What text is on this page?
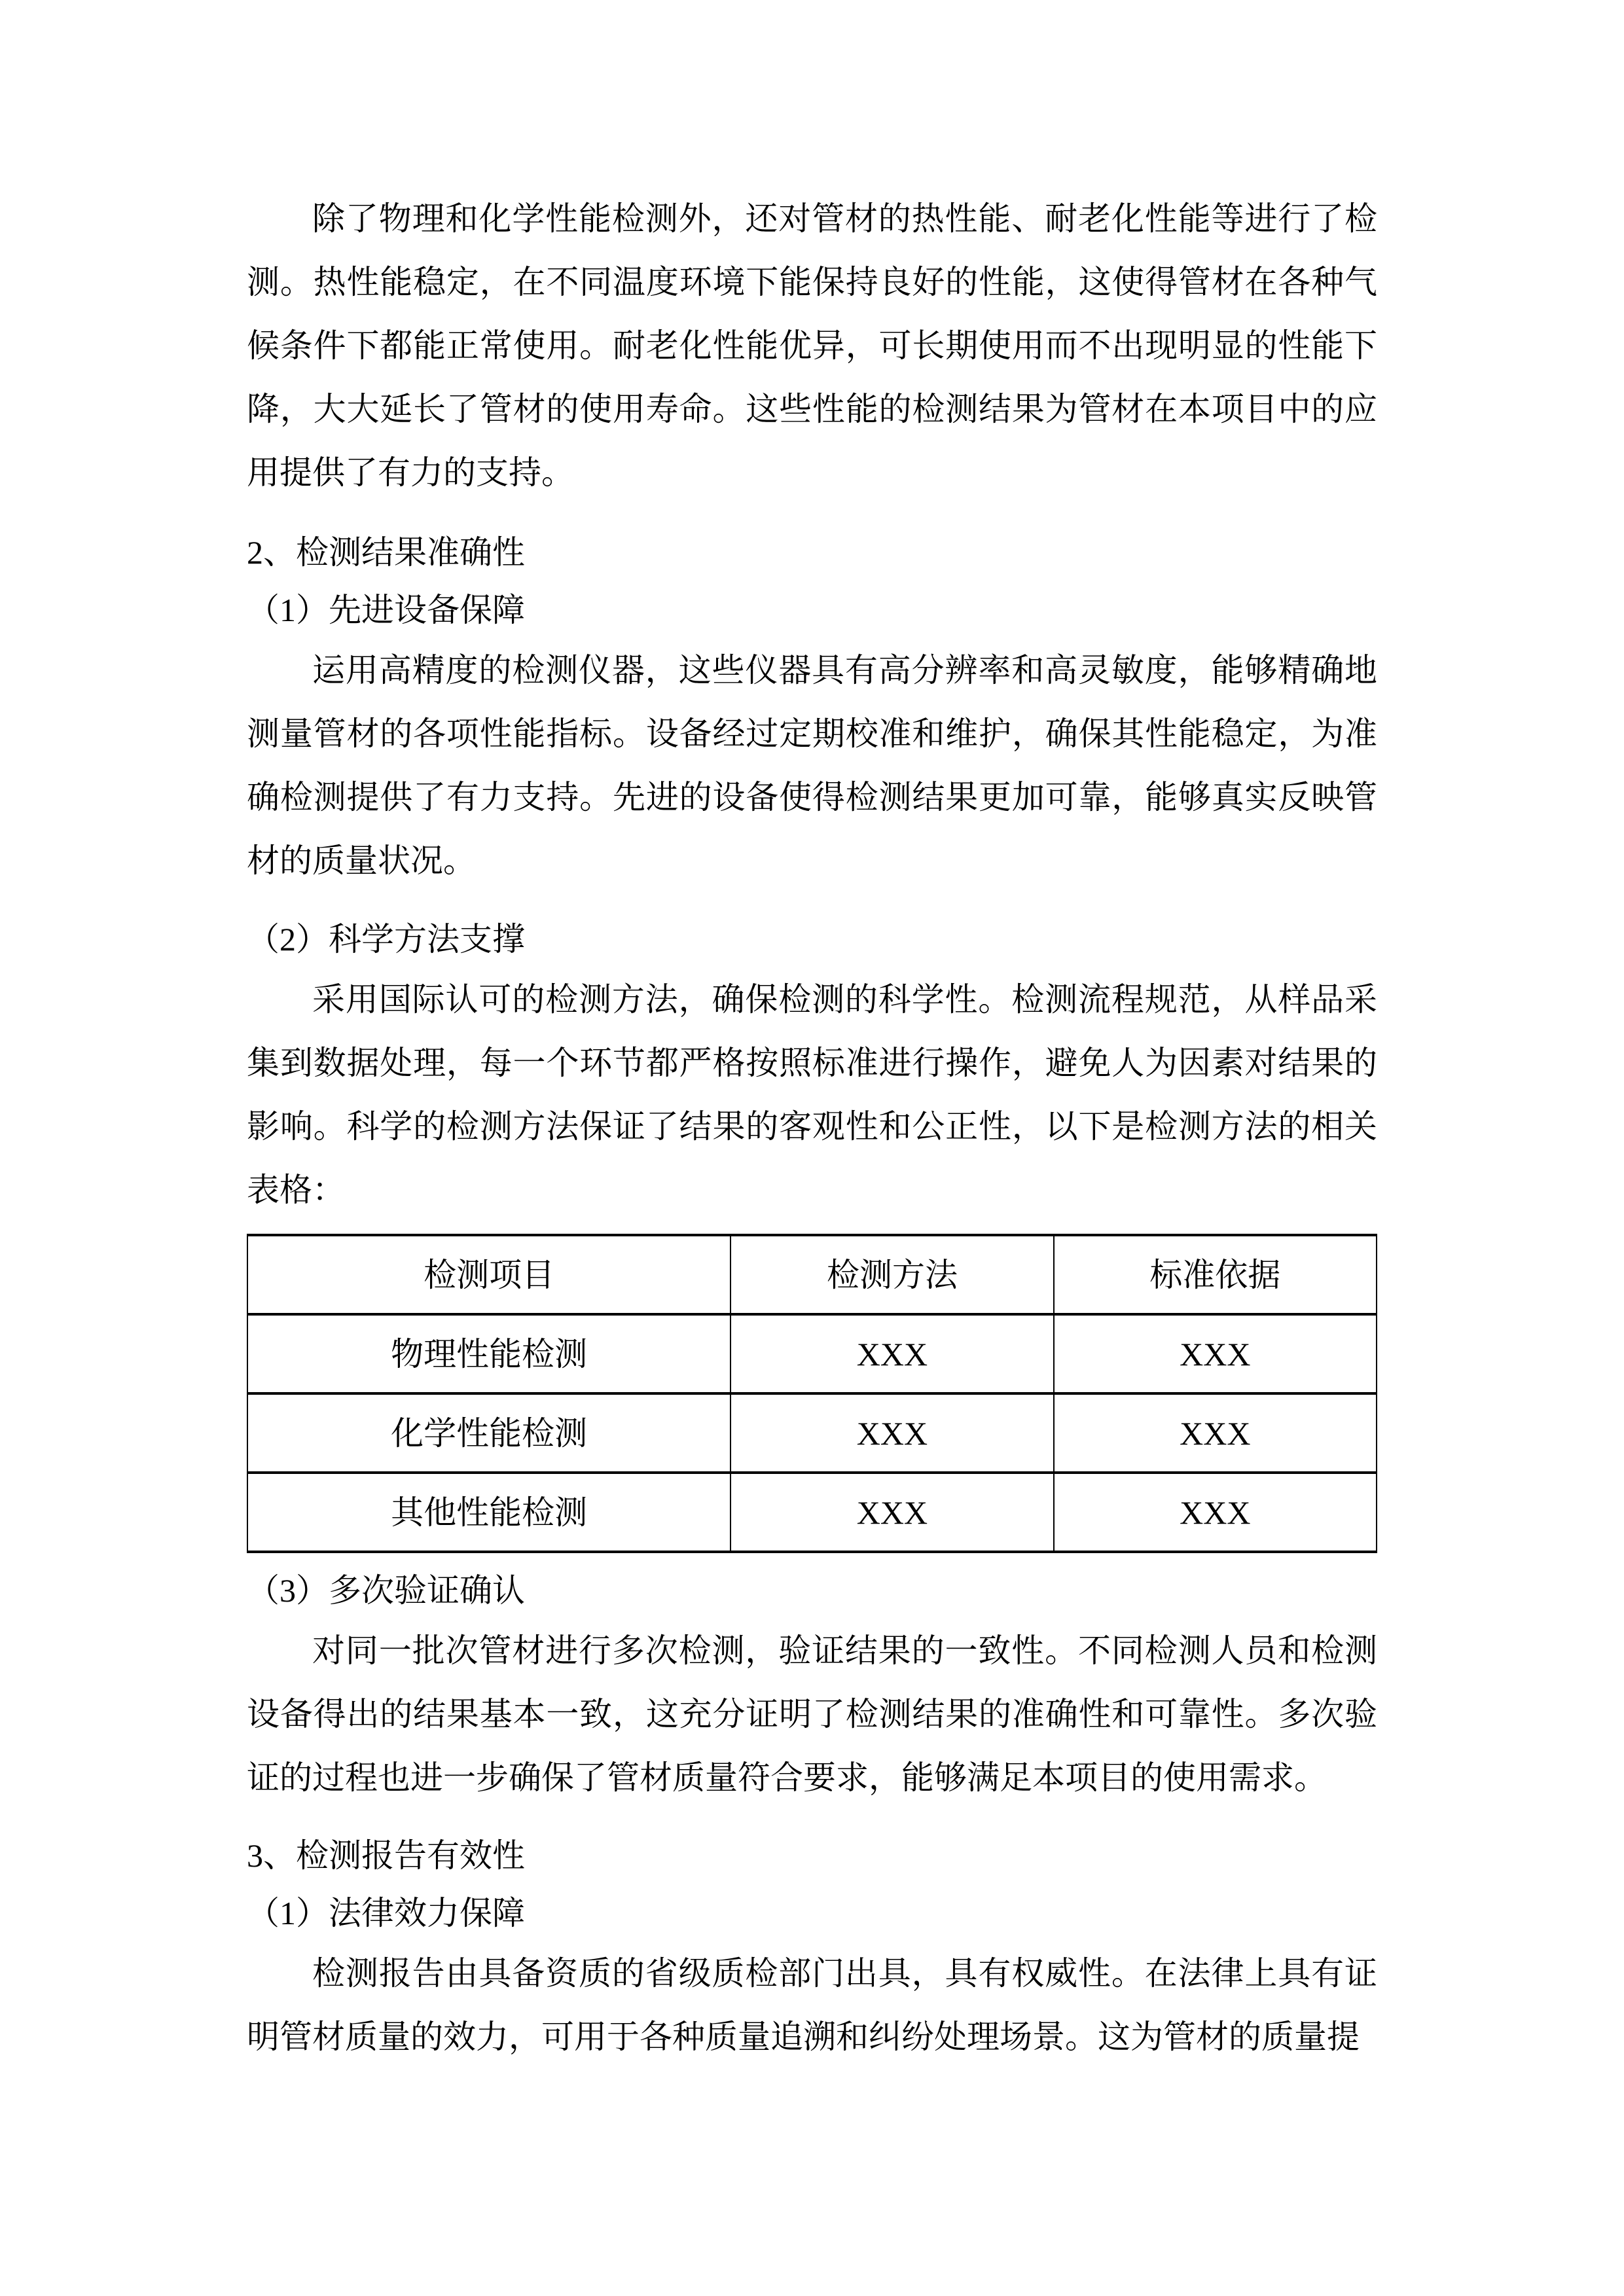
除了物理和化学性能检测外，还对管材的热性能、耐老化性能等进行了检测。热性能稳定，在不同温度环境下能保持良好的性能，这使得管材在各种气候条件下都能正常使用。耐老化性能优异，可长期使用而不出现明显的性能下降，大大延长了管材的使用寿命。这些性能的检测结果为管材在本项目中的应用提供了有力的支持。

2、检测结果准确性

（1）先进设备保障

运用高精度的检测仪器，这些仪器具有高分辨率和高灵敏度，能够精确地测量管材的各项性能指标。设备经过定期校准和维护，确保其性能稳定，为准确检测提供了有力支持。先进的设备使得检测结果更加可靠，能够真实反映管材的质量状况。

（2）科学方法支撑

采用国际认可的检测方法，确保检测的科学性。检测流程规范，从样品采集到数据处理，每一个环节都严格按照标准进行操作，避免人为因素对结果的影响。科学的检测方法保证了结果的客观性和公正性，以下是检测方法的相关表格：

检测项目	检测方法	标准依据
物理性能检测	XXX	XXX
化学性能检测	XXX	XXX
其他性能检测	XXX	XXX

（3）多次验证确认

对同一批次管材进行多次检测，验证结果的一致性。不同检测人员和检测设备得出的结果基本一致，这充分证明了检测结果的准确性和可靠性。多次验证的过程也进一步确保了管材质量符合要求，能够满足本项目的使用需求。

3、检测报告有效性

（1）法律效力保障

检测报告由具备资质的省级质检部门出具，具有权威性。在法律上具有证明管材质量的效力，可用于各种质量追溯和纠纷处理场景。这为管材的质量提
